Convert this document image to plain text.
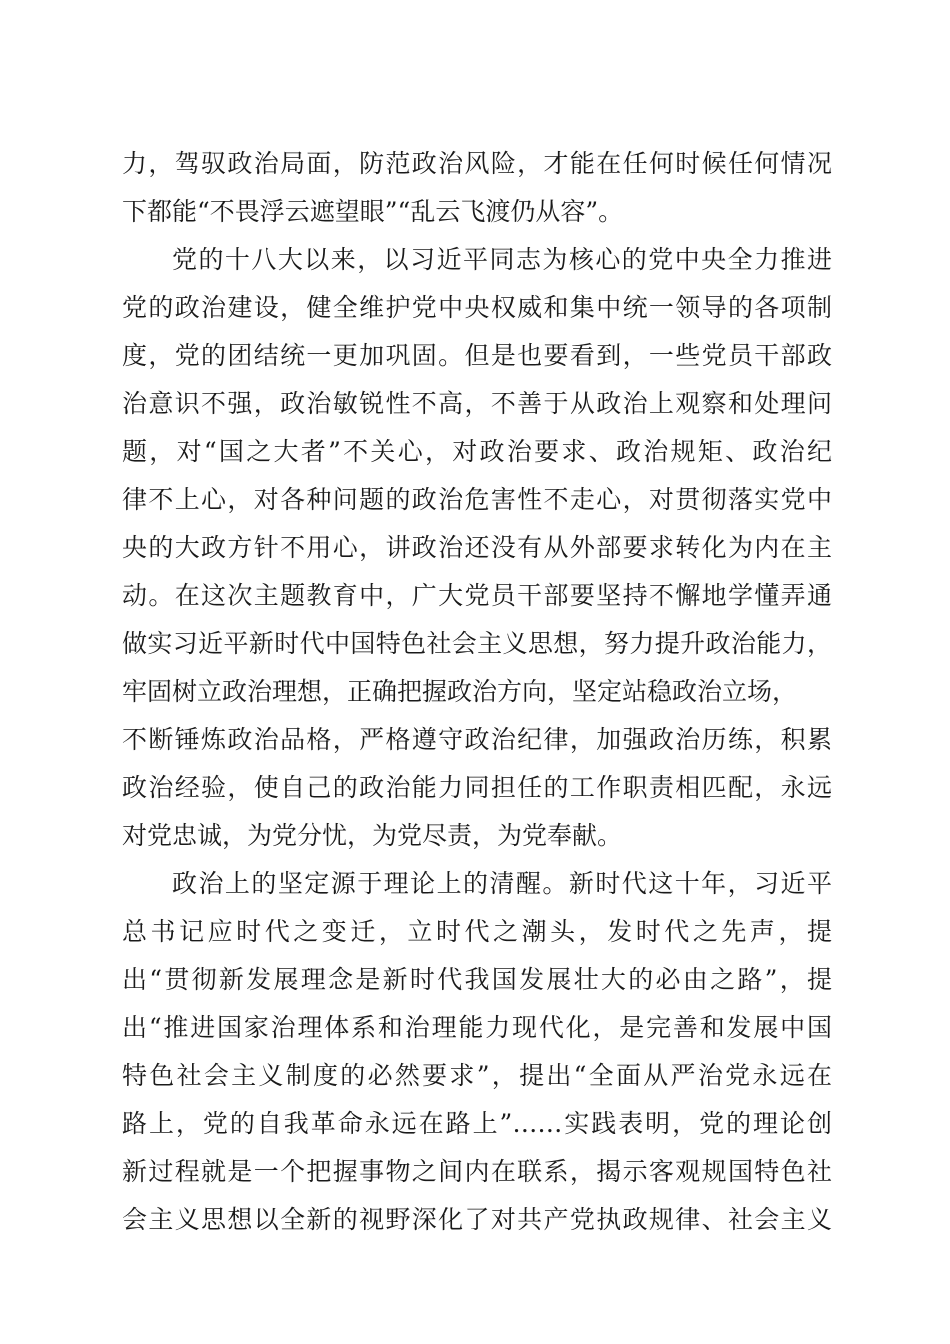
力，驾驭政治局面，防范政治风险，才能在任何时候任何情况
下都能“不畏浮云遮望眼”“乱云飞渡仍从容”。
党的十八大以来，以习近平同志为核心的党中央全力推进
党的政治建设，健全维护党中央权威和集中统一领导的各项制
度，党的团结统一更加巩固。但是也要看到，一些党员干部政
治意识不强，政治敏锐性不高，不善于从政治上观察和处理问
题，对“国之大者”不关心，对政治要求、政治规矩、政治纪
律不上心，对各种问题的政治危害性不走心，对贯彻落实党中
央的大政方针不用心，讲政治还没有从外部要求转化为内在主
动。在这次主题教育中，广大党员干部要坚持不懈地学懂弄通
做实习近平新时代中国特色社会主义思想，努力提升政治能力，
牢固树立政治理想，正确把握政治方向，坚定站稳政治立场，
不断锤炼政治品格，严格遵守政治纪律，加强政治历练，积累
政治经验，使自己的政治能力同担任的工作职责相匹配，永远
对党忠诚，为党分忧，为党尽责，为党奉献。
政治上的坚定源于理论上的清醒。新时代这十年，习近平
总书记应时代之变迁，立时代之潮头，发时代之先声，提
出“贯彻新发展理念是新时代我国发展壮大的必由之路”，提
出“推进国家治理体系和治理能力现代化，是完善和发展中国
特色社会主义制度的必然要求”，提出“全面从严治党永远在
路上，党的自我革命永远在路上”……实践表明，党的理论创
新过程就是一个把握事物之间内在联系，揭示客观规国特色社
会主义思想以全新的视野深化了对共产党执政规律、社会主义
